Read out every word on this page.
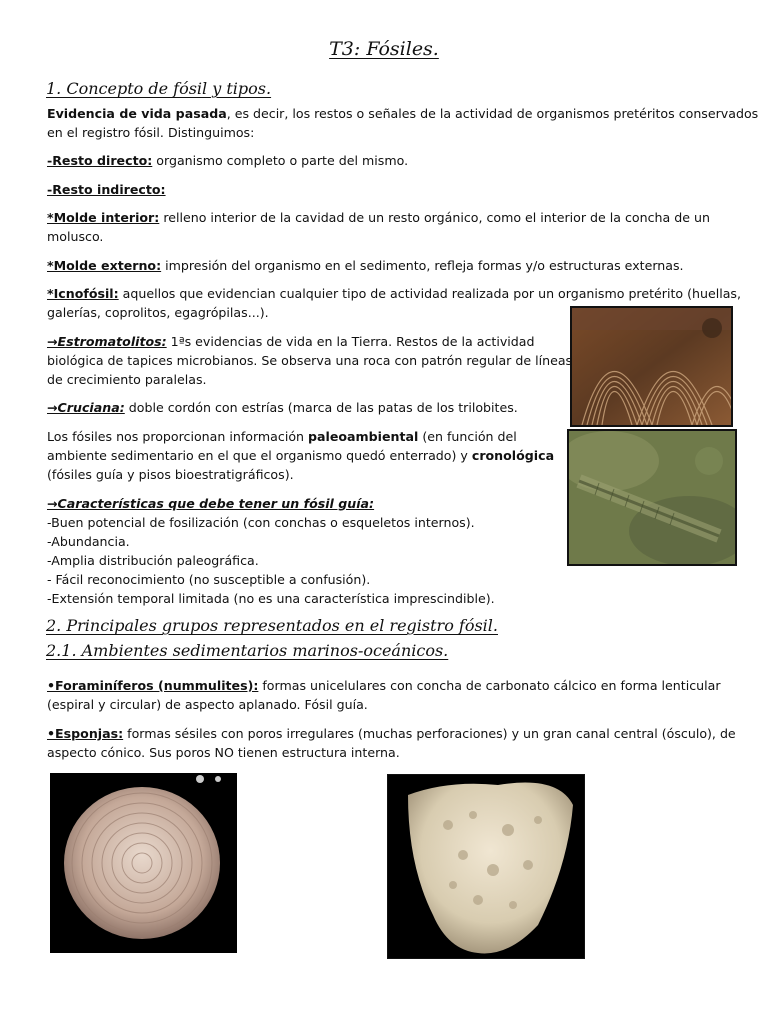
T3: Fósiles.
1. Concepto de fósil y tipos.
Evidencia de vida pasada, es decir, los restos o señales de la actividad de organismos pretéritos conservados
en el registro fósil. Distinguimos:
-Resto directo: organismo completo o parte del mismo.
-Resto indirecto:
*Molde interior: relleno interior de la cavidad de un resto orgánico, como el interior de la concha de un
molusco.
*Molde externo: impresión del organismo en el sedimento, refleja formas y/o estructuras externas.
*Icnofósil: aquellos que evidencian cualquier tipo de actividad realizada por un organismo pretérito (huellas,
galerías, coprolitos, egagrópilas...).
→Estromatolitos: 1ªs evidencias de vida en la Tierra. Restos de la actividad
biológica de tapices microbianos. Se observa una roca con patrón regular de líneas
de crecimiento paralelas.
→Cruciana: doble cordón con estrías (marca de las patas de los trilobites.
Los fósiles nos proporcionan información paleoambiental (en función del
ambiente sedimentario en el que el organismo quedó enterrado) y cronológica
(fósiles guía y pisos bioestratigráficos).
→Características que debe tener un fósil guía:
-Buen potencial de fosilización (con conchas o esqueletos internos).
-Abundancia.
-Amplia distribución paleográfica.
- Fácil reconocimiento (no susceptible a confusión).
-Extensión temporal limitada (no es una característica imprescindible).
2. Principales grupos representados en el registro fósil.
2.1. Ambientes sedimentarios marinos-oceánicos.
•Foraminíferos (nummulites): formas unicelulares con concha de carbonato cálcico en forma lenticular
(espiral y circular) de aspecto aplanado. Fósil guía.
•Esponjas: formas sésiles con poros irregulares (muchas perforaciones) y un gran canal central (ósculo), de
aspecto cónico. Sus poros NO tienen estructura interna.
